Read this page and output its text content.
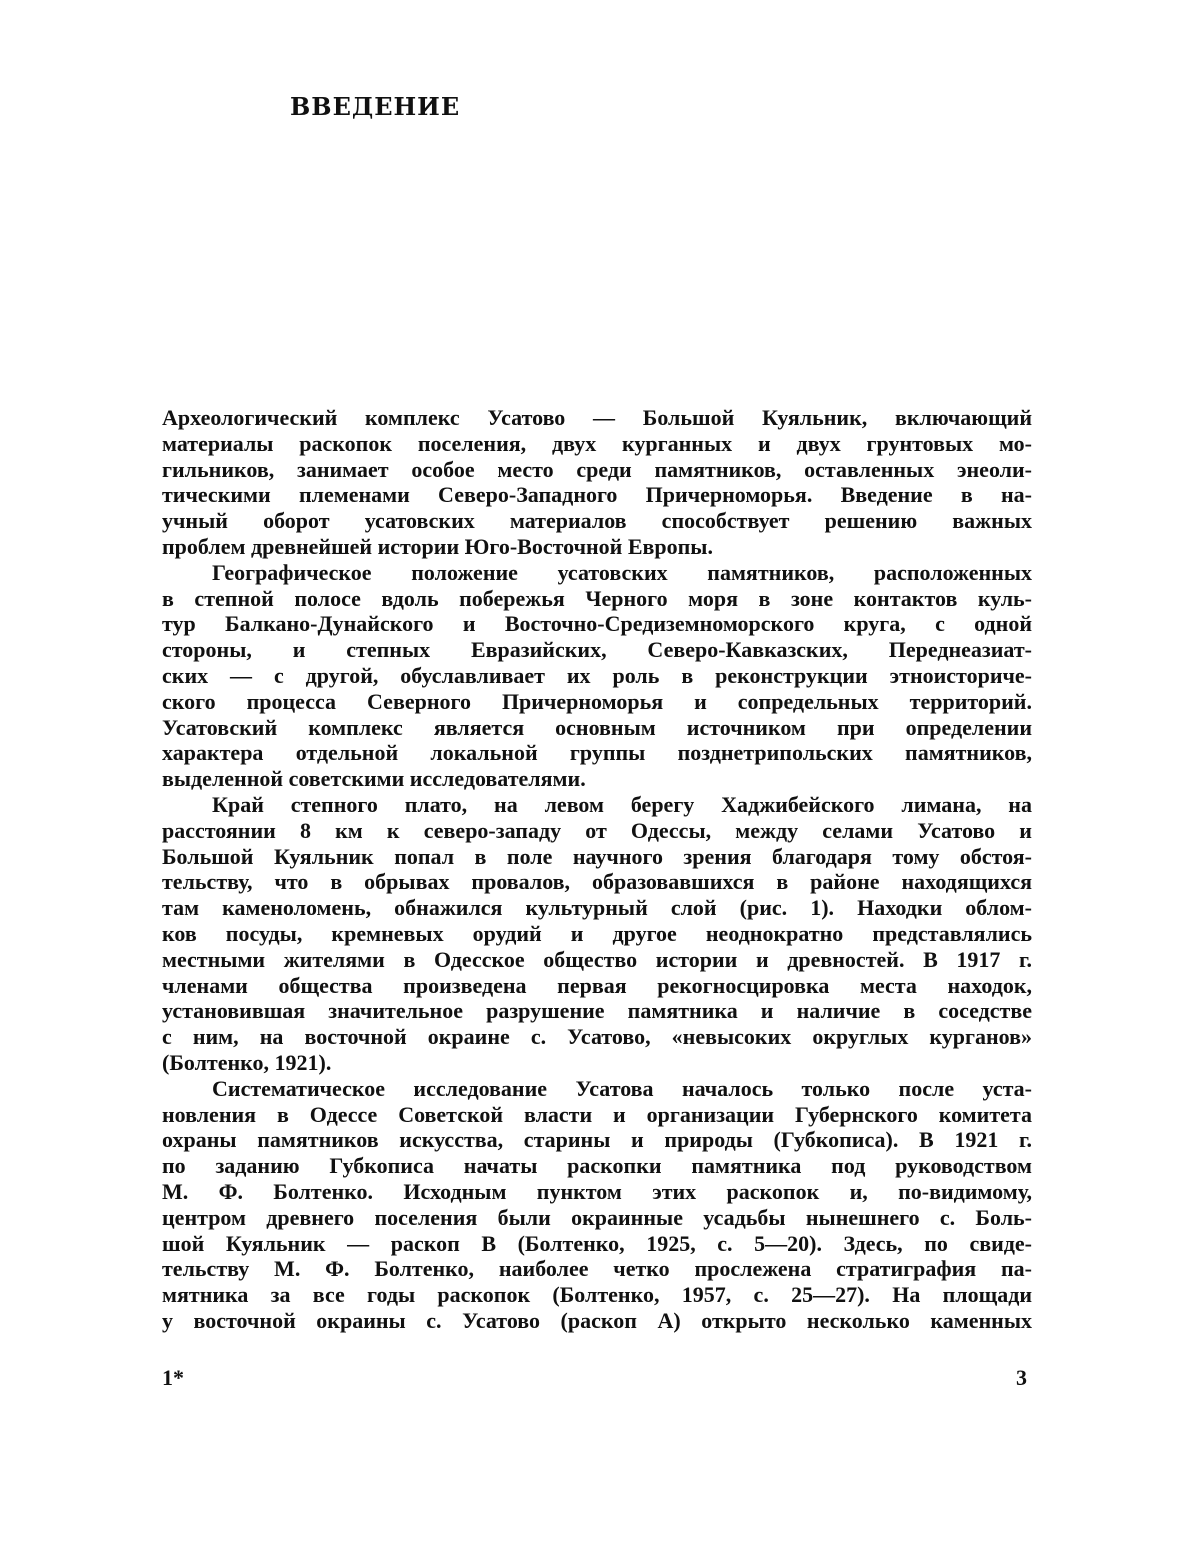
ВВЕДЕНИЕ
Археологический комплекс Усатово — Большой Куяльник, включающий
материалы раскопок поселения, двух курганных и двух грунтовых мо-
гильников, занимает особое место среди памятников, оставленных энеоли-
тическими племенами Северо-Западного Причерноморья. Введение в на-
учный оборот усатовских материалов способствует решению важных
проблем древнейшей истории Юго-Восточной Европы.
Географическое положение усатовских памятников, расположенных
в степной полосе вдоль побережья Черного моря в зоне контактов куль-
тур Балкано-Дунайского и Восточно-Средиземноморского круга, с одной
стороны, и степных Евразийских, Северо-Кавказских, Переднеазиат-
ских — с другой, обуславливает их роль в реконструкции этноисториче-
ского процесса Северного Причерноморья и сопредельных территорий.
Усатовский комплекс является основным источником при определении
характера отдельной локальной группы позднетрипольских памятников,
выделенной советскими исследователями.
Край степного плато, на левом берегу Хаджибейского лимана, на
расстоянии 8 км к северо-западу от Одессы, между селами Усатово и
Большой Куяльник попал в поле научного зрения благодаря тому обстоя-
тельству, что в обрывах провалов, образовавшихся в районе находящихся
там каменоломень, обнажился культурный слой (рис. 1). Находки облом-
ков посуды, кремневых орудий и другое неоднократно представлялись
местными жителями в Одесское общество истории и древностей. В 1917 г.
членами общества произведена первая рекогносцировка места находок,
установившая значительное разрушение памятника и наличие в соседстве
с ним, на восточной окраине с. Усатово, «невысоких округлых курганов»
(Болтенко, 1921).
Систематическое исследование Усатова началось только после уста-
новления в Одессе Советской власти и организации Губернского комитета
охраны памятников искусства, старины и природы (Губкописа). В 1921 г.
по заданию Губкописа начаты раскопки памятника под руководством
М. Ф. Болтенко. Исходным пунктом этих раскопок и, по-видимому,
центром древнего поселения были окраинные усадьбы нынешнего с. Боль-
шой Куяльник — раскоп В (Болтенко, 1925, с. 5—20). Здесь, по свиде-
тельству М. Ф. Болтенко, наиболее четко прослежена стратиграфия па-
мятника за все годы раскопок (Болтенко, 1957, с. 25—27). На площади
у восточной окраины с. Усатово (раскоп А) открыто несколько каменных
1*	3
